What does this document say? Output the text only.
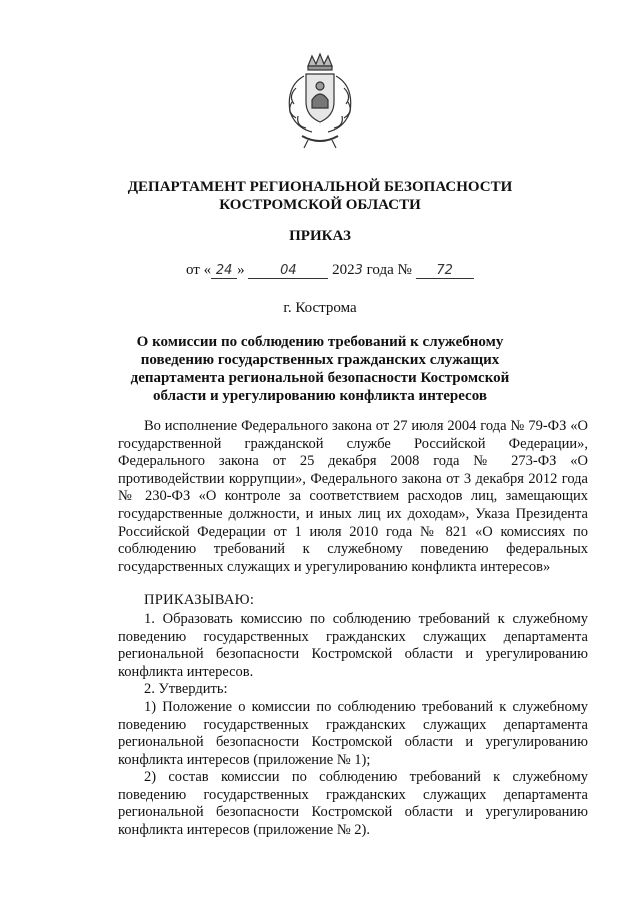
ДЕПАРТАМЕНТ РЕГИОНАЛЬНОЙ БЕЗОПАСНОСТИ
КОСТРОМСКОЙ ОБЛАСТИ
ПРИКАЗ
от « 24 »	04 2023 года № 72
г. Кострома
О комиссии по соблюдению требований к служебному поведению государственных гражданских служащих департамента региональной безопасности Костромской области и урегулированию конфликта интересов
Во исполнение Федерального закона от 27 июля 2004 года № 79-ФЗ «О государственной гражданской службе Российской Федерации», Федерального закона от 25 декабря 2008 года № 273-ФЗ «О противодействии коррупции», Федерального закона от 3 декабря 2012 года № 230-ФЗ «О контроле за соответствием расходов лиц, замещающих государственные должности, и иных лиц их доходам», Указа Президента Российской Федерации от 1 июля 2010 года № 821 «О комиссиях по соблюдению требований к служебному поведению федеральных государственных служащих и урегулированию конфликта интересов»
ПРИКАЗЫВАЮ:
1. Образовать комиссию по соблюдению требований к служебному поведению государственных гражданских служащих департамента региональной безопасности Костромской области и урегулированию конфликта интересов.
2. Утвердить:
1) Положение о комиссии по соблюдению требований к служебному поведению государственных гражданских служащих департамента региональной безопасности Костромской области и урегулированию конфликта интересов (приложение № 1);
2) состав комиссии по соблюдению требований к служебному поведению государственных гражданских служащих департамента региональной безопасности Костромской области и урегулированию конфликта интересов (приложение № 2).
